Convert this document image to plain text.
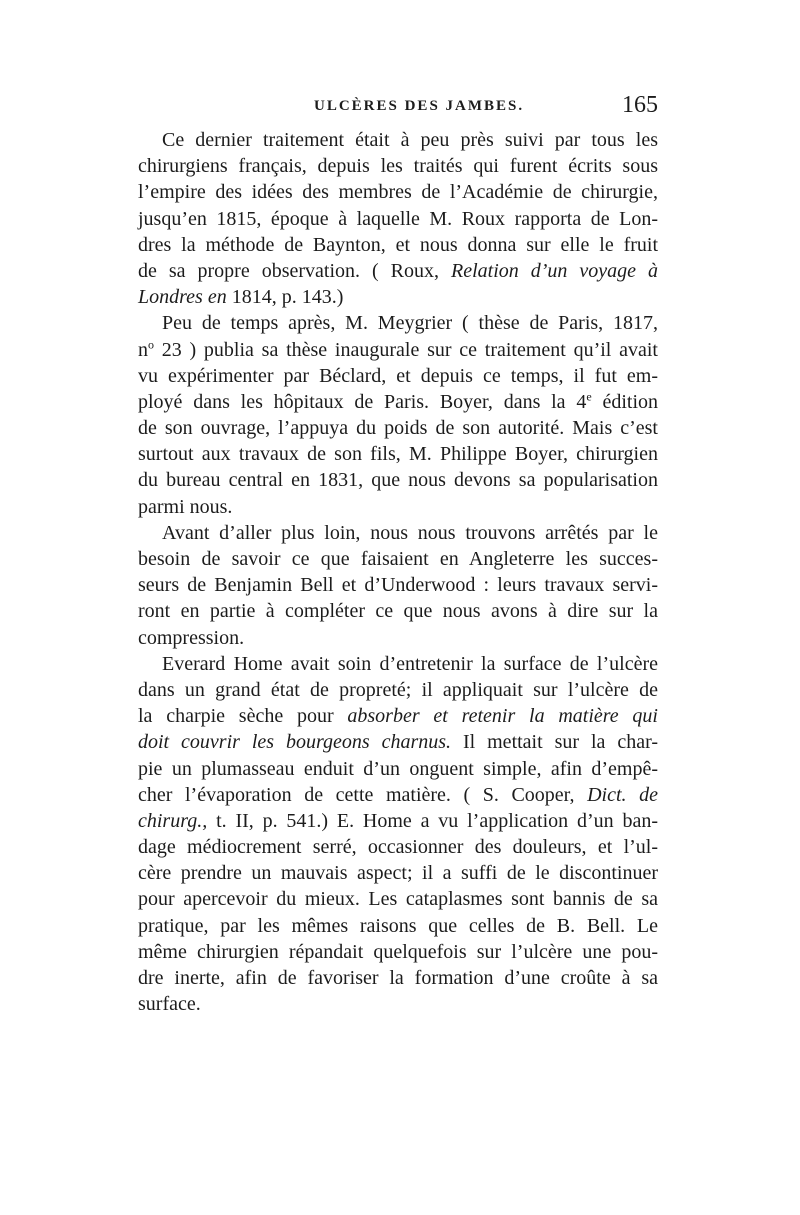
ULCÈRES DES JAMBES.	165
Ce dernier traitement était à peu près suivi par tous les
chirurgiens français, depuis les traités qui furent écrits sous
l’empire des idées des membres de l’Académie de chirurgie,
jusqu’en 1815, époque à laquelle M. Roux rapporta de Lon-
dres la méthode de Baynton, et nous donna sur elle le fruit
de sa propre observation. ( Roux, Relation d’un voyage à
Londres en 1814, p. 143.)
Peu de temps après, M. Meygrier ( thèse de Paris, 1817,
$n^o$ 23 ) publia sa thèse inaugurale sur ce traitement qu’il avait
vu expérimenter par Béclard, et depuis ce temps, il fut em-
ployé dans les hôpitaux de Paris. Boyer, dans la 4e édition
de son ouvrage, l’appuya du poids de son autorité. Mais c’est
surtout aux travaux de son fils, M. Philippe Boyer, chirurgien
du bureau central en 1831, que nous devons sa popularisation
parmi nous.
Avant d’aller plus loin, nous nous trouvons arrêtés par le
besoin de savoir ce que faisaient en Angleterre les succes-
seurs de Benjamin Bell et d’Underwood : leurs travaux servi-
ront en partie à compléter ce que nous avons à dire sur la
compression.
Everard Home avait soin d’entretenir la surface de l’ulcère
dans un grand état de propreté; il appliquait sur l’ulcère de
la charpie sèche pour absorber et retenir la matière qui
doit couvrir les bourgeons charnus. Il mettait sur la char-
pie un plumasseau enduit d’un onguent simple, afin d’empê-
cher l’évaporation de cette matière. ( S. Cooper, Dict. de
chirurg., t. II, p. 541.) E. Home a vu l’application d’un ban-
dage médiocrement serré, occasionner des douleurs, et l’ul-
cère prendre un mauvais aspect; il a suffi de le discontinuer
pour apercevoir du mieux. Les cataplasmes sont bannis de sa
pratique, par les mêmes raisons que celles de B. Bell. Le
même chirurgien répandait quelquefois sur l’ulcère une pou-
dre inerte, afin de favoriser la formation d’une croûte à sa
surface.
